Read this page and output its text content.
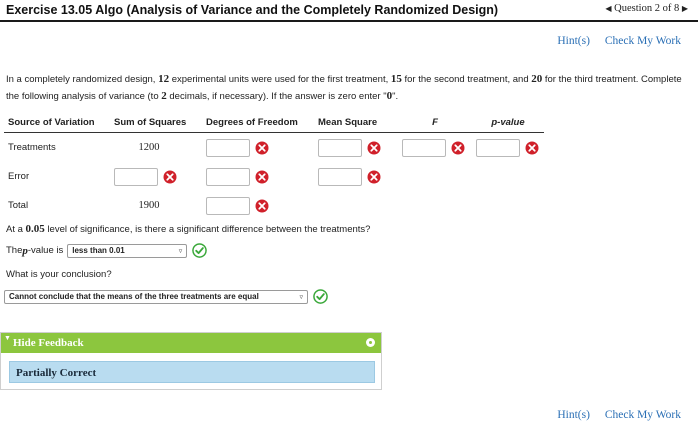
Exercise 13.05 Algo (Analysis of Variance and the Completely Randomized Design)	◀ Question 2 of 8 ▶
Hint(s) Check My Work
In a completely randomized design, 12 experimental units were used for the first treatment, 15 for the second treatment, and 20 for the third treatment. Complete the following analysis of variance (to 2 decimals, if necessary). If the answer is zero enter "0".
Source of Variation	Sum of Squares	Degrees of Freedom	Mean Square	F	p-value
Treatments	1200	

Error	

Total	1900	

At a 0.05 level of significance, is there a significant difference between the treatments?
The p -value is less than 0.01	▿
What is your conclusion?
Cannot conclude that the means of the three treatments are equal	▿
▼ Hide Feedback
Partially Correct
Hint(s) Check My Work
